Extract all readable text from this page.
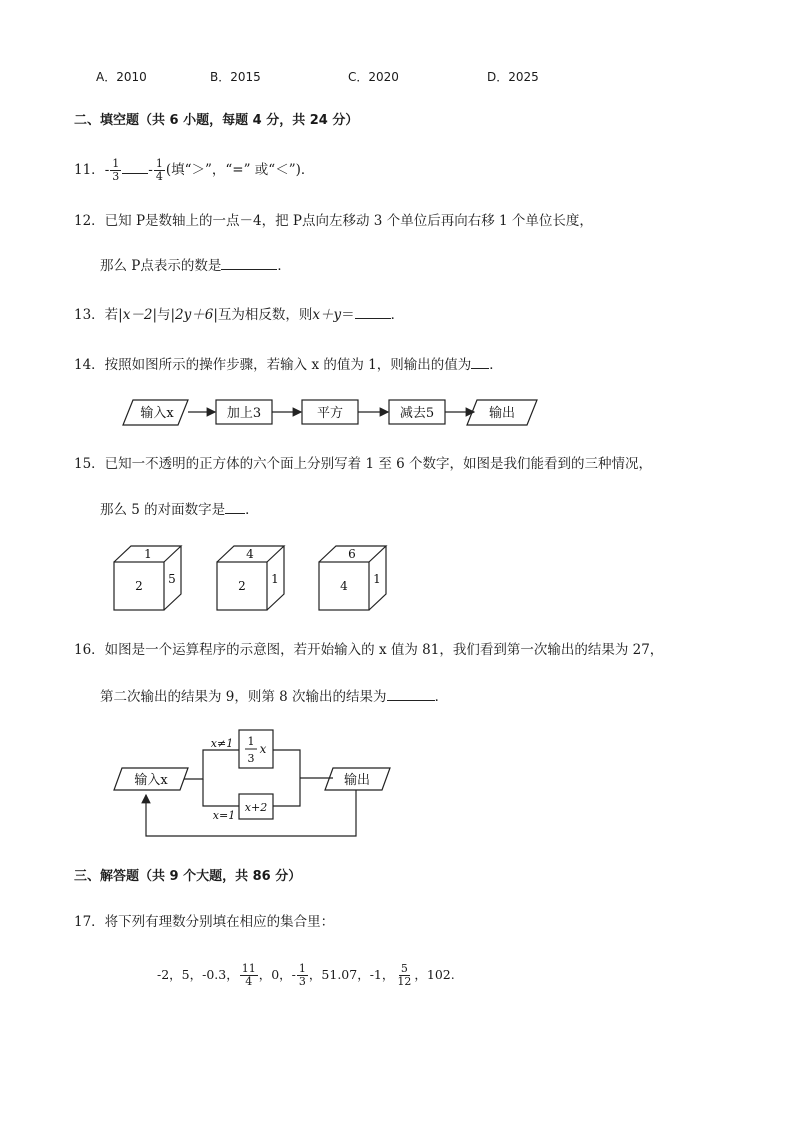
A．2010	B．2015	C．2020	D．2025
二、填空题（共 6 小题，每题 4 分，共 24 分）
11．- $\frac{1}{3} - \frac{1}{4}$ (填“＞”，“=” 或“＜”)．
12．已知 P是数轴上的一点－4，把 P点向左移动 3 个单位后再向右移 1 个单位长度，
那么 P点表示的数是	．
13．若|x－2|与|2y＋6|互为相反数，则x＋y＝	．
14．按照如图所示的操作步骤，若输入 x 的值为 1，则输出的值为 ．
输入x	加上3	平方	减去5	输出
1
2 5
4
2 1
6
4 1
输入x
x≠1 1
3
x
x+2
x=1
输出
15．已知一不透明的正方体的六个面上分别写着 1 至 6 个数字，如图是我们能看到的三种情况，
那么 5 的对面数字是 ．
16．如图是一个运算程序的示意图，若开始输入的 x 值为 81，我们看到第一次输出的结果为 27，
第二次输出的结果为 9，则第 8 次输出的结果为	．
三、解答题（共 9 个大题，共 86 分）
17．将下列有理数分别填在相应的集合里：
-2，5，-0.3， $\frac{11}{4}$ ，0，- $\frac{1}{3}$ ，51.07，-1， $\frac{5}{12}$ ，102.
